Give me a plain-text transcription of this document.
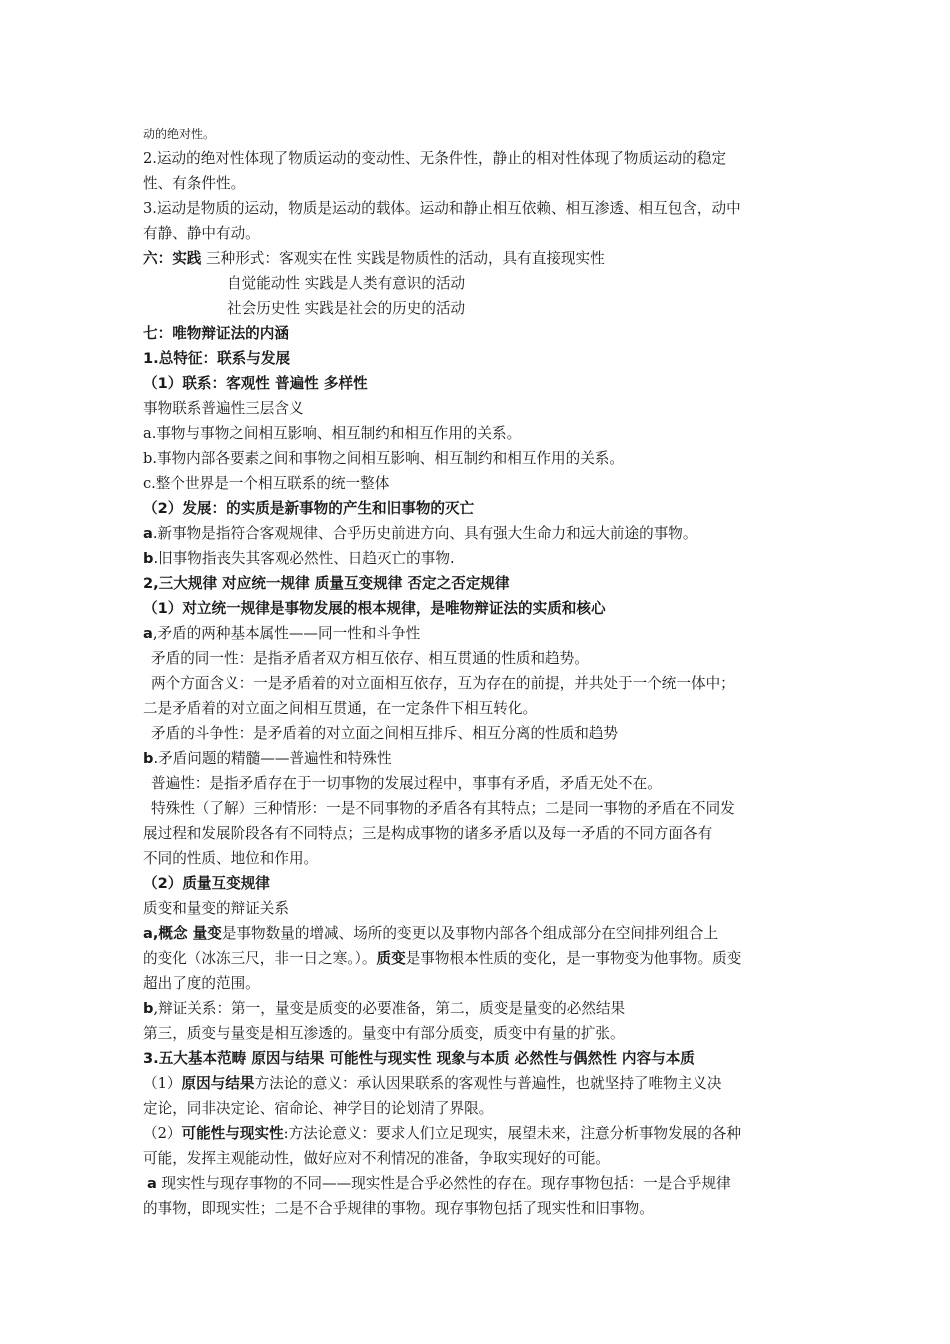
动的绝对性。
2.运动的绝对性体现了物质运动的变动性、无条件性，静止的相对性体现了物质运动的稳定
性、有条件性。
3.运动是物质的运动，物质是运动的载体。运动和静止相互依赖、相互渗透、相互包含，动中
有静、静中有动。
六：实践 三种形式：客观实在性 实践是物质性的活动，具有直接现实性
自觉能动性 实践是人类有意识的活动
社会历史性 实践是社会的历史的活动
七：唯物辩证法的内涵
1.总特征：联系与发展
（1）联系：客观性 普遍性 多样性
事物联系普遍性三层含义
a.事物与事物之间相互影响、相互制约和相互作用的关系。
b.事物内部各要素之间和事物之间相互影响、相互制约和相互作用的关系。
c.整个世界是一个相互联系的统一整体
（2）发展：的实质是新事物的产生和旧事物的灭亡
a.新事物是指符合客观规律、合乎历史前进方向、具有强大生命力和远大前途的事物。
b.旧事物指丧失其客观必然性、日趋灭亡的事物.
2,三大规律 对应统一规律 质量互变规律 否定之否定规律
（1）对立统一规律是事物发展的根本规律，是唯物辩证法的实质和核心
a,矛盾的两种基本属性——同一性和斗争性
矛盾的同一性：是指矛盾者双方相互依存、相互贯通的性质和趋势。
两个方面含义：一是矛盾着的对立面相互依存，互为存在的前提，并共处于一个统一体中；
二是矛盾着的对立面之间相互贯通，在一定条件下相互转化。
矛盾的斗争性：是矛盾着的对立面之间相互排斥、相互分离的性质和趋势
b.矛盾问题的精髓——普遍性和特殊性
普遍性：是指矛盾存在于一切事物的发展过程中，事事有矛盾，矛盾无处不在。
特殊性（了解）三种情形：一是不同事物的矛盾各有其特点；二是同一事物的矛盾在不同发
展过程和发展阶段各有不同特点；三是构成事物的诸多矛盾以及每一矛盾的不同方面各有
不同的性质、地位和作用。
（2）质量互变规律
质变和量变的辩证关系
a,概念 量变是事物数量的增减、场所的变更以及事物内部各个组成部分在空间排列组合上
的变化（冰冻三尺，非一日之寒。）。质变是事物根本性质的变化，是一事物变为他事物。质变
超出了度的范围。
b,辩证关系：第一，量变是质变的必要准备，第二，质变是量变的必然结果
第三，质变与量变是相互渗透的。量变中有部分质变，质变中有量的扩张。
3.五大基本范畴 原因与结果 可能性与现实性 现象与本质 必然性与偶然性 内容与本质
（1）原因与结果方法论的意义：承认因果联系的客观性与普遍性，也就坚持了唯物主义决
定论，同非决定论、宿命论、神学目的论划清了界限。
（2）可能性与现实性:方法论意义：要求人们立足现实，展望未来，注意分析事物发展的各种
可能，发挥主观能动性，做好应对不利情况的准备，争取实现好的可能。
a 现实性与现存事物的不同——现实性是合乎必然性的存在。现存事物包括：一是合乎规律
的事物，即现实性；二是不合乎规律的事物。现存事物包括了现实性和旧事物。
